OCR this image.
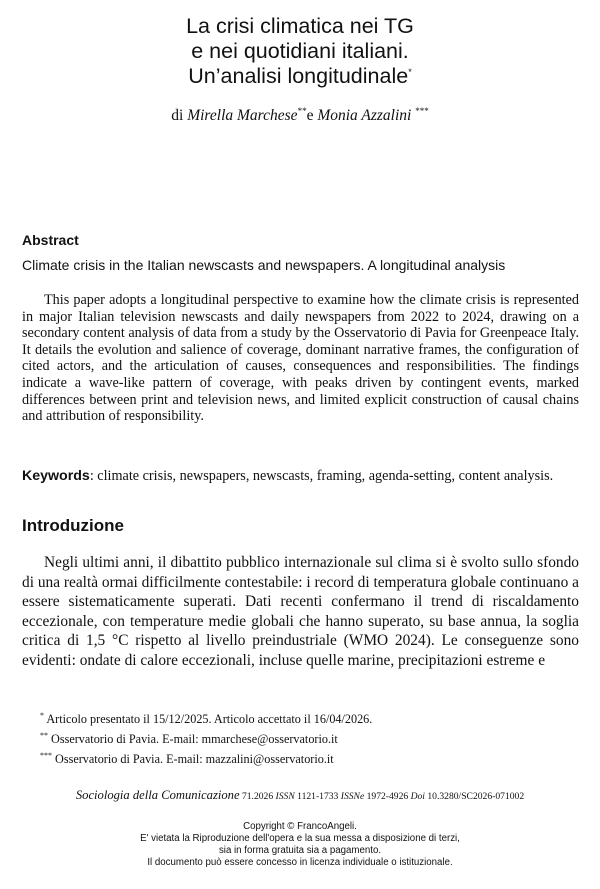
La crisi climatica nei TG
e nei quotidiani italiani.
Un’analisi longitudinale*
di Mirella Marchese**e Monia Azzalini ***
Abstract
Climate crisis in the Italian newscasts and newspapers. A longitudinal analysis
This paper adopts a longitudinal perspective to examine how the climate crisis is represented in major Italian television newscasts and daily newspapers from 2022 to 2024, drawing on a secondary content analysis of data from a study by the Osservatorio di Pavia for Greenpeace Italy. It details the evolution and salience of coverage, dominant narrative frames, the configuration of cited actors, and the articulation of causes, consequences and responsibilities. The findings indicate a wave-like pattern of coverage, with peaks driven by contingent events, marked differences between print and television news, and limited explicit construction of causal chains and attribution of responsibility.
Keywords: climate crisis, newspapers, newscasts, framing, agenda-setting, content analysis.
Introduzione
Negli ultimi anni, il dibattito pubblico internazionale sul clima si è svolto sullo sfondo di una realtà ormai difficilmente contestabile: i record di temperatura globale continuano a essere sistematicamente superati. Dati recenti confermano il trend di riscaldamento eccezionale, con temperature medie globali che hanno superato, su base annua, la soglia critica di 1,5 °C rispetto al livello preindustriale (WMO 2024). Le conseguenze sono evidenti: ondate di calore eccezionali, incluse quelle marine, precipitazioni estreme e
* Articolo presentato il 15/12/2025. Articolo accettato il 16/04/2026.
** Osservatorio di Pavia. E-mail: mmarchese@osservatorio.it
*** Osservatorio di Pavia. E-mail: mazzalini@osservatorio.it
Sociologia della Comunicazione 71.2026 ISSN 1121-1733 ISSNe 1972-4926 Doi 10.3280/SC2026-071002
Copyright © FrancoAngeli.
E' vietata la Riproduzione dell'opera e la sua messa a disposizione di terzi,
sia in forma gratuita sia a pagamento.
Il documento può essere concesso in licenza individuale o istituzionale.
